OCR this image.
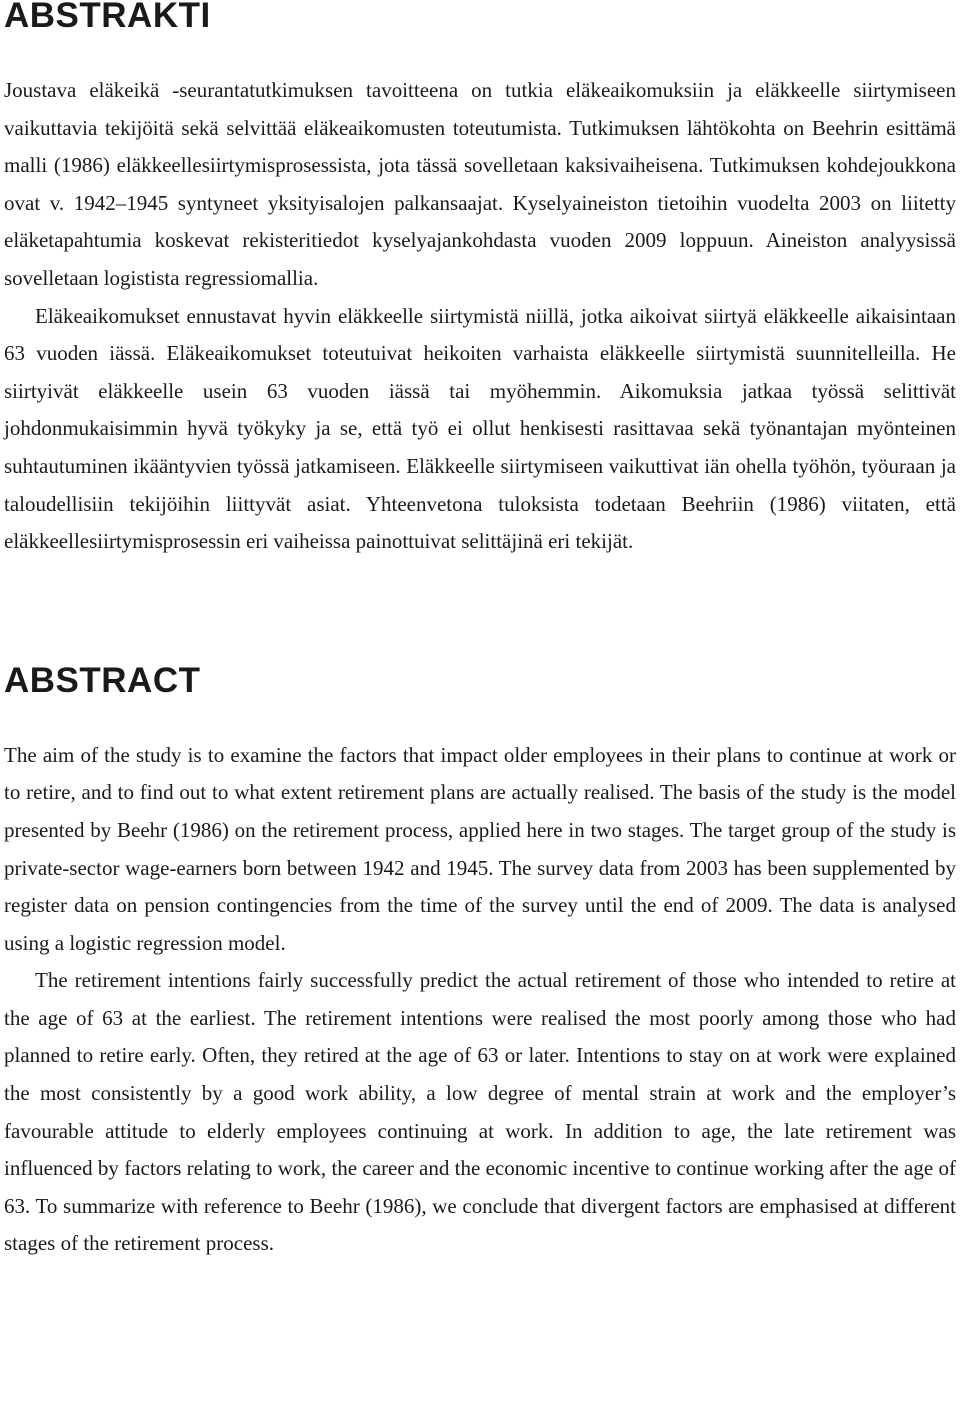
ABSTRAKTI

Joustava eläkeikä -seurantatutkimuksen tavoitteena on tutkia eläkeaikomuksiin ja eläkkeelle siirtymiseen vaikuttavia tekijöitä sekä selvittää eläkeaikomusten toteutumista. Tutkimuksen lähtökohta on Beehrin esittämä malli (1986) eläkkeellesiirtymisprosessista, jota tässä sovelletaan kaksivaiheisena. Tutkimuksen kohdejoukkona ovat v. 1942–1945 syntyneet yksityisalojen palkansaajat. Kyselyaineiston tietoihin vuodelta 2003 on liitetty eläketapahtumia koskevat rekisteritiedot kyselyajankohdasta vuoden 2009 loppuun. Aineiston analyysissä sovelletaan logistista regressiomallia.

Eläkeaikomukset ennustavat hyvin eläkkeelle siirtymistä niillä, jotka aikoivat siirtyä eläkkeelle aikaisintaan 63 vuoden iässä. Eläkeaikomukset toteutuivat heikoiten varhaista eläkkeelle siirtymistä suunnitelleilla. He siirtyivät eläkkeelle usein 63 vuoden iässä tai myöhemmin. Aikomuksia jatkaa työssä selittivät johdonmukaisimmin hyvä työkyky ja se, että työ ei ollut henkisesti rasittavaa sekä työnantajan myönteinen suhtautuminen ikääntyvien työssä jatkamiseen. Eläkkeelle siirtymiseen vaikuttivat iän ohella työhön, työuraan ja taloudellisiin tekijöihin liittyvät asiat. Yhteenvetona tuloksista todetaan Beehriin (1986) viitaten, että eläkkeellesiirtymisprosessin eri vaiheissa painottuivat selittäjinä eri tekijät.

ABSTRACT

The aim of the study is to examine the factors that impact older employees in their plans to continue at work or to retire, and to find out to what extent retirement plans are actually realised. The basis of the study is the model presented by Beehr (1986) on the retirement process, applied here in two stages. The target group of the study is private-sector wage-earners born between 1942 and 1945. The survey data from 2003 has been supplemented by register data on pension contingencies from the time of the survey until the end of 2009. The data is analysed using a logistic regression model.

The retirement intentions fairly successfully predict the actual retirement of those who intended to retire at the age of 63 at the earliest. The retirement intentions were realised the most poorly among those who had planned to retire early. Often, they retired at the age of 63 or later. Intentions to stay on at work were explained the most consistently by a good work ability, a low degree of mental strain at work and the employer’s favourable attitude to elderly employees continuing at work. In addition to age, the late retirement was influenced by factors relating to work, the career and the economic incentive to continue working after the age of 63. To summarize with reference to Beehr (1986), we conclude that divergent factors are emphasised at different stages of the retirement process.
